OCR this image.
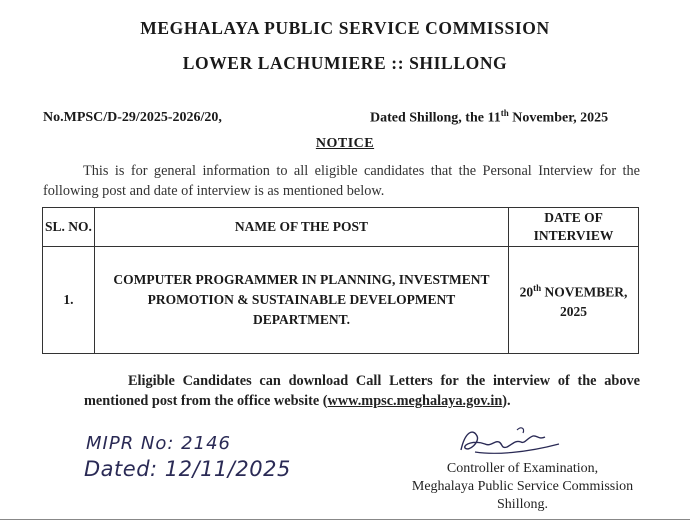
MEGHALAYA PUBLIC SERVICE COMMISSION
LOWER LACHUMIERE :: SHILLONG
No.MPSC/D-29/2025-2026/20,	Dated Shillong, the 11th November, 2025
NOTICE
This is for general information to all eligible candidates that the Personal Interview for the following post and date of interview is as mentioned below.
SL. NO.	NAME OF THE POST	DATE OF INTERVIEW
1.	COMPUTER PROGRAMMER IN PLANNING, INVESTMENT PROMOTION & SUSTAINABLE DEVELOPMENT DEPARTMENT.	20th NOVEMBER, 2025
Eligible Candidates can download Call Letters for the interview of the above mentioned post from the office website (www.mpsc.meghalaya.gov.in).
MIPR No: 2146
Dated: 12/11/2025	Controller of Examination,
Meghalaya Public Service Commission
Shillong.
